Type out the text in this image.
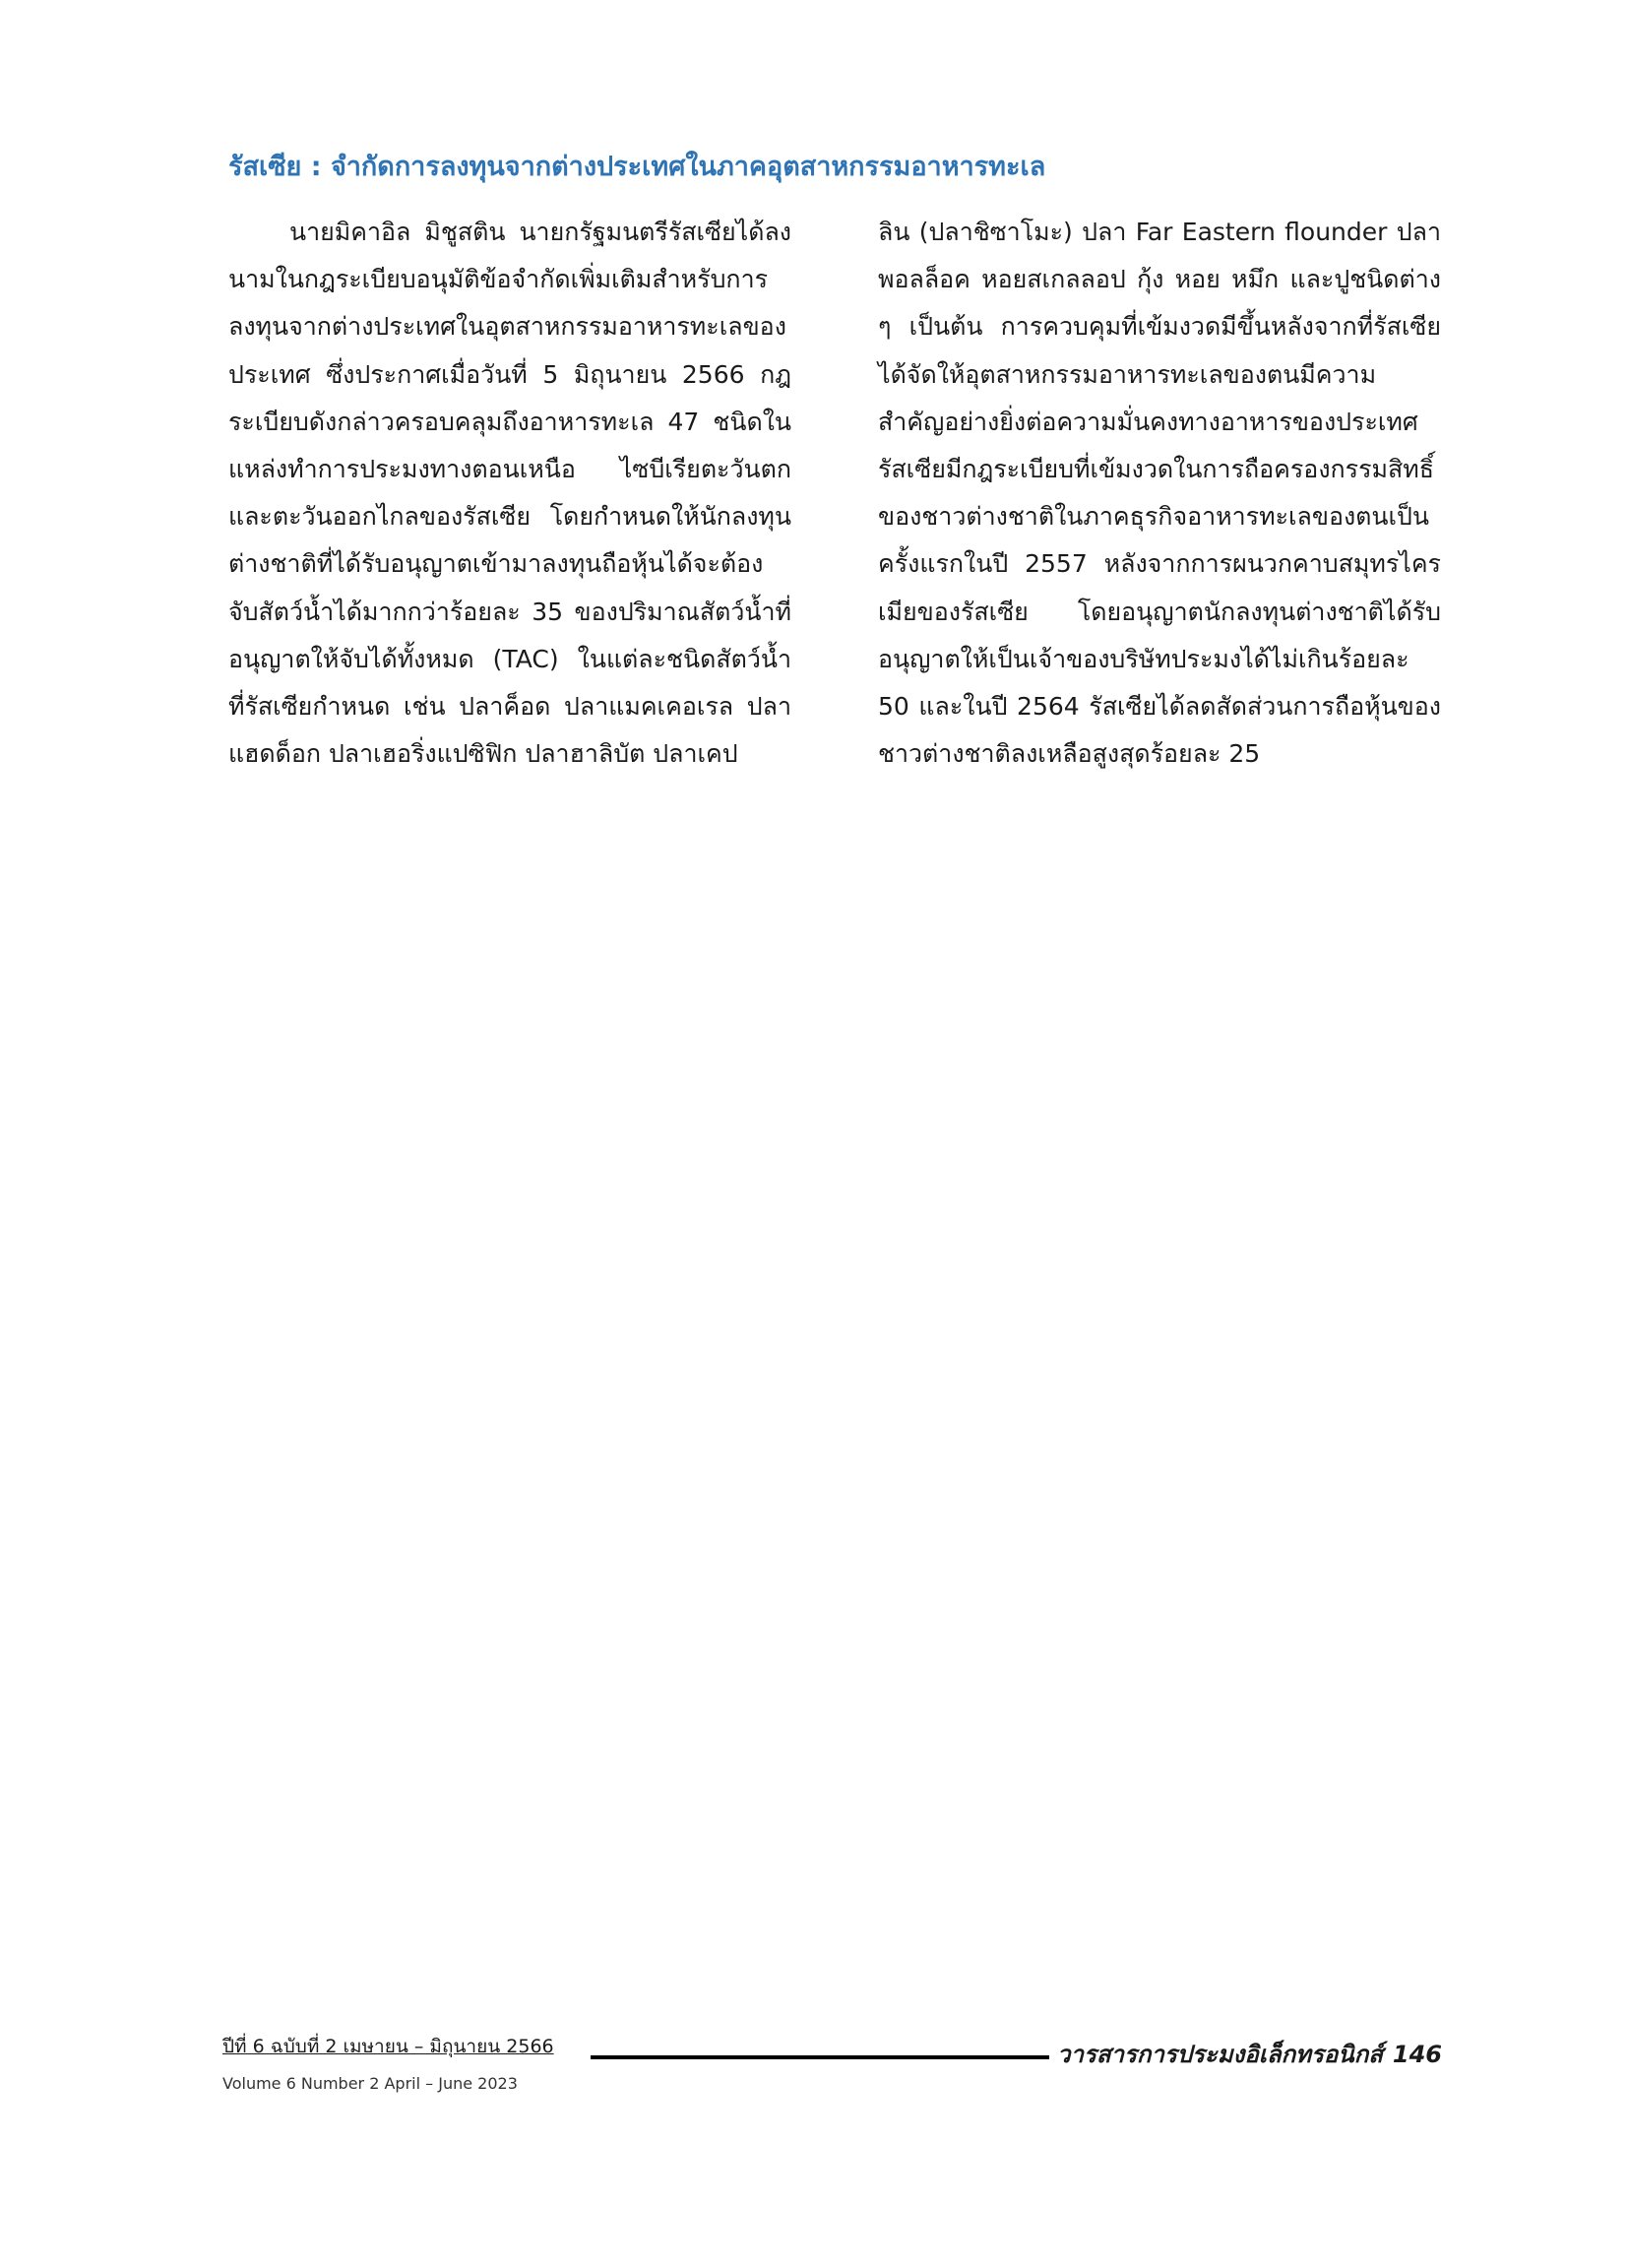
รัสเซีย : จำกัดการลงทุนจากต่างประเทศในภาคอุตสาหกรรมอาหารทะเล

นายมิคาอิล มิชูสติน นายกรัฐมนตรีรัสเซียได้ลงนามในกฎระเบียบอนุมัติข้อจำกัดเพิ่มเติมสำหรับการลงทุนจากต่างประเทศในอุตสาหกรรมอาหารทะเลของประเทศ ซึ่งประกาศเมื่อวันที่ 5 มิถุนายน 2566 กฎระเบียบดังกล่าวครอบคลุมถึงอาหารทะเล 47 ชนิดในแหล่งทำการประมงทางตอนเหนือ ไซบีเรียตะวันตก และตะวันออกไกลของรัสเซีย โดยกำหนดให้นักลงทุนต่างชาติที่ได้รับอนุญาตเข้ามาลงทุนถือหุ้นได้จะต้องจับสัตว์น้ำได้มากกว่าร้อยละ 35 ของปริมาณสัตว์น้ำที่อนุญาตให้จับได้ทั้งหมด (TAC) ในแต่ละชนิดสัตว์น้ำ ที่รัสเซียกำหนด เช่น ปลาค็อด ปลาแมคเคอเรล ปลาแฮดด็อก ปลาเฮอริ่งแปซิฟิก ปลาฮาลิบัต ปลาเคป

ลิน (ปลาชิซาโมะ) ปลา Far Eastern flounder ปลาพอลล็อค หอยสเกลลอป กุ้ง หอย หมึก และปูชนิดต่าง ๆ เป็นต้น การควบคุมที่เข้มงวดมีขึ้นหลังจากที่รัสเซียได้จัดให้อุตสาหกรรมอาหารทะเลของตนมีความสำคัญอย่างยิ่งต่อความมั่นคงทางอาหารของประเทศ รัสเซียมีกฎระเบียบที่เข้มงวดในการถือครองกรรมสิทธิ์ของชาวต่างชาติในภาคธุรกิจอาหารทะเลของตนเป็นครั้งแรกในปี 2557 หลังจากการผนวกคาบสมุทรไครเมียของรัสเซีย โดยอนุญาตนักลงทุนต่างชาติได้รับอนุญาตให้เป็นเจ้าของบริษัทประมงได้ไม่เกินร้อยละ 50 และในปี 2564 รัสเซียได้ลดสัดส่วนการถือหุ้นของชาวต่างชาติลงเหลือสูงสุดร้อยละ 25

ปีที่ 6 ฉบับที่ 2 เมษายน – มิถุนายน 2566
Volume 6 Number 2 April – June 2023
วารสารการประมงอิเล็กทรอนิกส์ 146
